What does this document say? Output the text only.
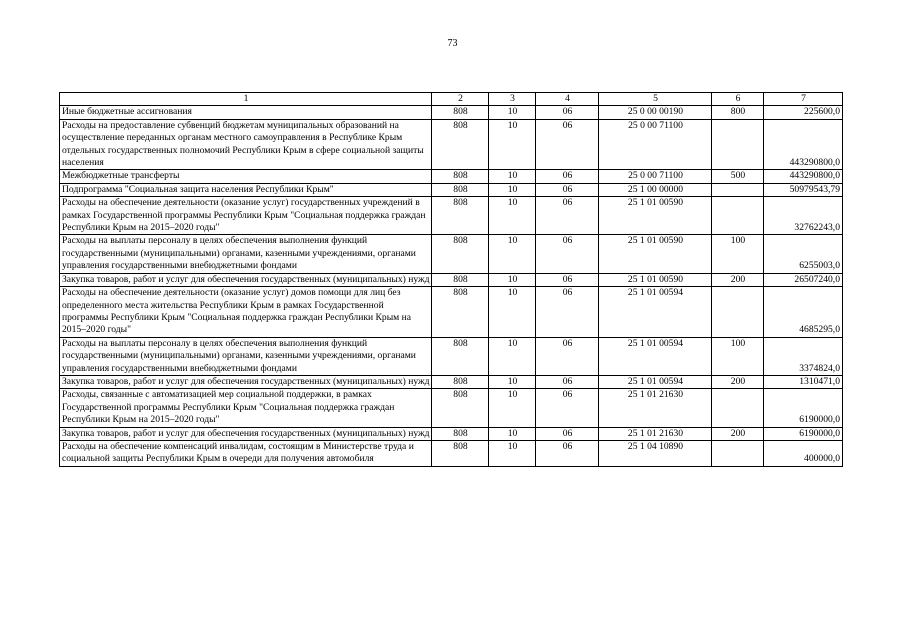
73
1	2	3	4	5	6	7
Иные бюджетные ассигнования	808	10	06	25 0 00 00190	800	225600,0
Расходы на предоставление субвенций бюджетам муниципальных образований на осуществление переданных органам местного самоуправления в Республике Крым отдельных государственных полномочий Республики Крым в сфере социальной защиты населения	808	10	06	25 0 00 71100		443290800,0
Межбюджетные трансферты	808	10	06	25 0 00 71100	500	443290800,0
Подпрограмма "Социальная защита населения Республики Крым"	808	10	06	25 1 00 00000		50979543,79
Расходы на обеспечение деятельности (оказание услуг) государственных учреждений в рамках Государственной программы Республики Крым "Социальная поддержка граждан Республики Крым на 2015–2020 годы"	808	10	06	25 1 01 00590		32762243,0
Расходы на выплаты персоналу в целях обеспечения выполнения функций государственными (муниципальными) органами, казенными учреждениями, органами управления государственными внебюджетными фондами	808	10	06	25 1 01 00590	100	6255003,0
Закупка товаров, работ и услуг для обеспечения государственных (муниципальных) нужд	808	10	06	25 1 01 00590	200	26507240,0
Расходы на обеспечение деятельности (оказание услуг) домов помощи для лиц без определенного места жительства Республики Крым в рамках Государственной программы Республики Крым "Социальная поддержка граждан Республики Крым на 2015–2020 годы"	808	10	06	25 1 01 00594		4685295,0
Расходы на выплаты персоналу в целях обеспечения выполнения функций государственными (муниципальными) органами, казенными учреждениями, органами управления государственными внебюджетными фондами	808	10	06	25 1 01 00594	100	3374824,0
Закупка товаров, работ и услуг для обеспечения государственных (муниципальных) нужд	808	10	06	25 1 01 00594	200	1310471,0
Расходы, связанные с автоматизацией мер социальной поддержки, в рамках Государственной программы Республики Крым "Социальная поддержка граждан Республики Крым на 2015–2020 годы"	808	10	06	25 1 01 21630		6190000,0
Закупка товаров, работ и услуг для обеспечения государственных (муниципальных) нужд	808	10	06	25 1 01 21630	200	6190000,0
Расходы на обеспечение компенсаций инвалидам, состоящим в Министерстве труда и социальной защиты Республики Крым в очереди для получения автомобиля	808	10	06	25 1 04 10890		400000,0
